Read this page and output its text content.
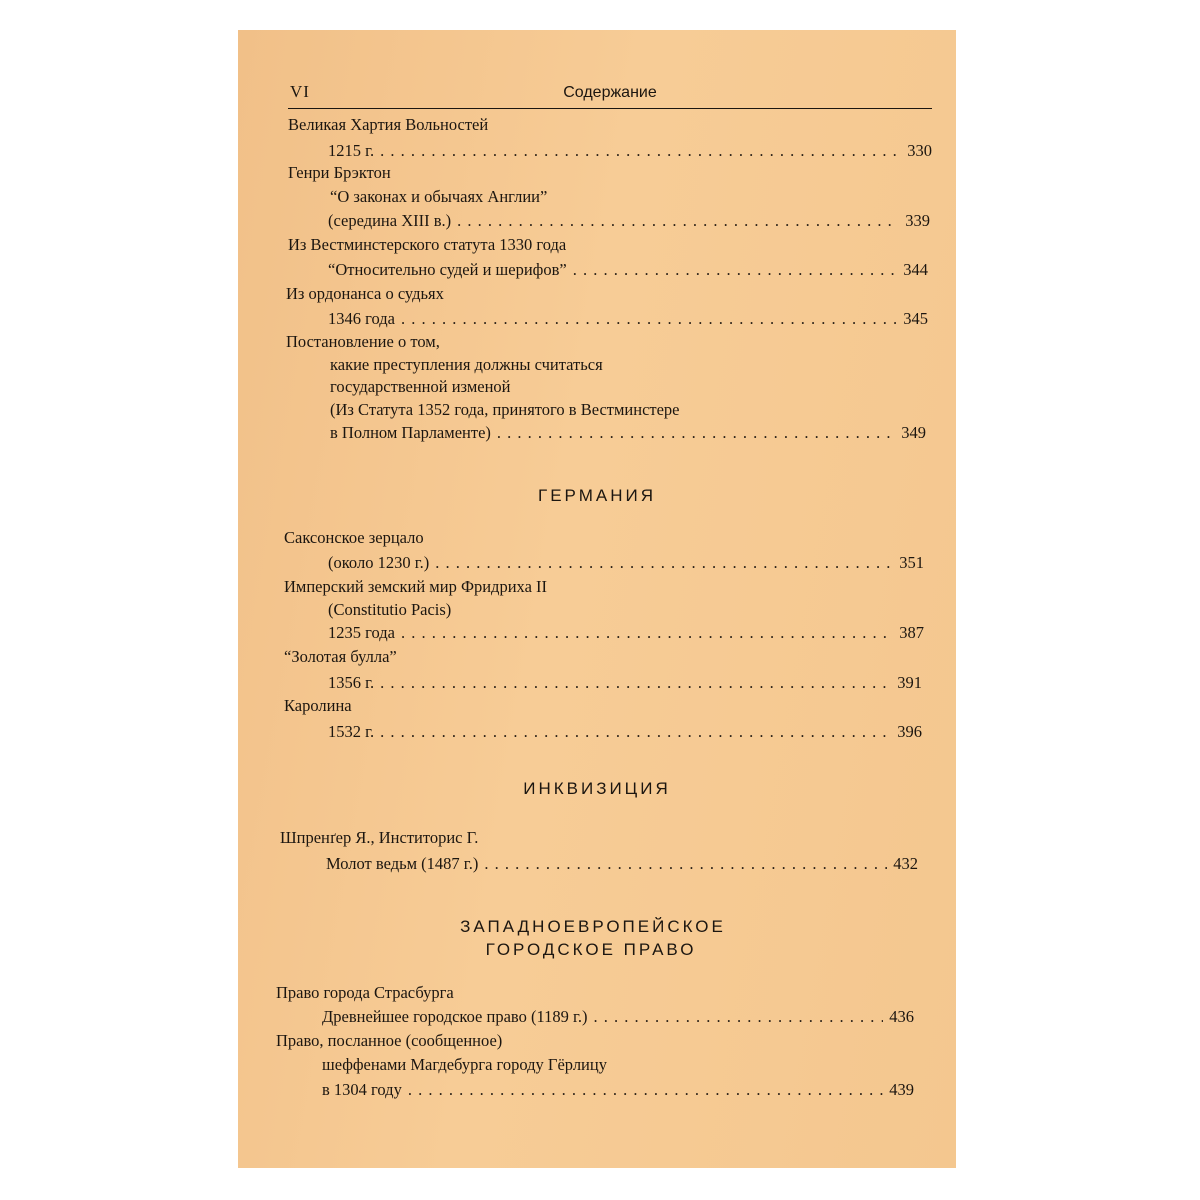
VI	Содержание
Великая Хартия Вольностей
1215 г. . . .	330
Генри Брэктон
“О законах и обычаях Англии”
(середина XIII в.) . . .	339
Из Вестминстерского статута 1330 года
“Относительно судей и шерифов” . . .	344
Из ордонанса о судьях
1346 года . . .	345
Постановление о том,
какие преступления должны считаться
государственной изменой
(Из Статута 1352 года, принятого в Вестминстере
в Полном Парламенте) . . .	349
ГЕРМАНИЯ
Саксонское зерцало
(около 1230 г.) . . .	351
Имперский земский мир Фридриха II
(Constitutio Pacis)
1235 года . . .	387
“Золотая булла”
1356 г. . . .	391
Каролина
1532 г. . . .	396
ИНКВИЗИЦИЯ
Шпренґер Я., Инститорис Г.
Молот ведьм (1487 г.) . . .	432
ЗАПАДНОЕВРОПЕЙСКОЕ
ГОРОДСКОЕ ПРАВО
Право города Страсбурга
Древнейшее городское право (1189 г.) . . .	436
Право, посланное (сообщенное)
шеффенами Магдебурга городу Гёрлицу
в 1304 году . . .	439
